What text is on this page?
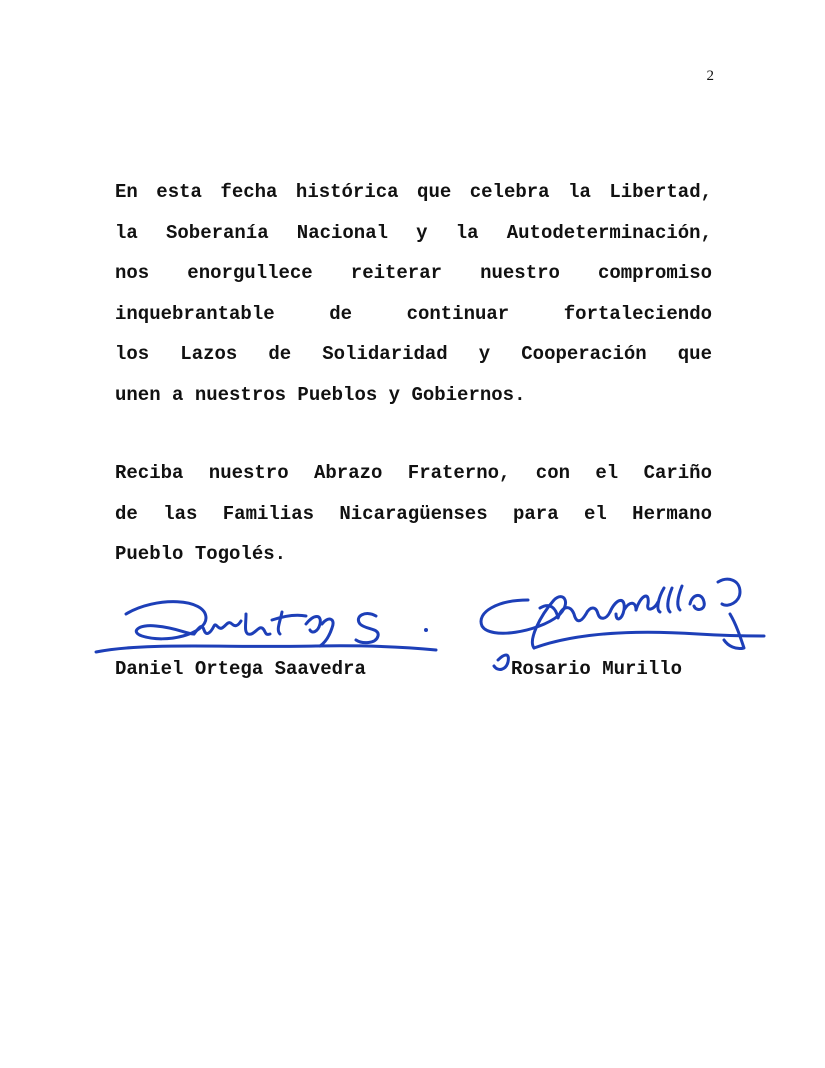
2
En esta fecha histórica que celebra la Libertad,
la Soberanía Nacional y la Autodeterminación,
nos enorgullece reiterar nuestro compromiso
inquebrantable de continuar fortaleciendo
los Lazos de Solidaridad y Cooperación que
unen a nuestros Pueblos y Gobiernos.
Reciba nuestro Abrazo Fraterno, con el Cariño
de las Familias Nicaragüenses para el Hermano
Pueblo Togolés.
Daniel Ortega Saavedra	Rosario Murillo
